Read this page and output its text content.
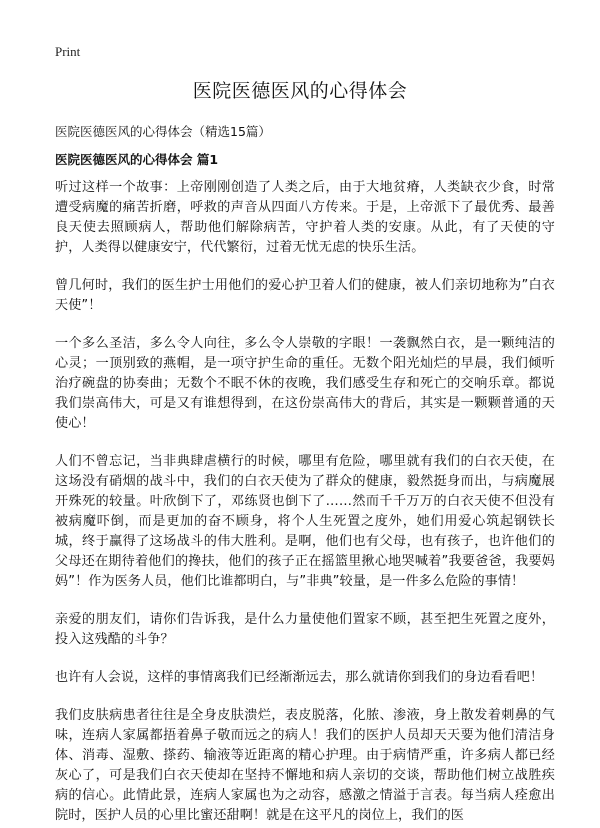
Print
医院医德医风的心得体会
医院医德医风的心得体会（精选15篇）
医院医德医风的心得体会 篇1

听过这样一个故事：上帝刚刚创造了人类之后，由于大地贫瘠，人类缺衣少食，时常遭受病魔的痛苦折磨，呼救的声音从四面八方传来。于是，上帝派下了最优秀、最善良天使去照顾病人，帮助他们解除病苦，守护着人类的安康。从此，有了天使的守护，人类得以健康安宁，代代繁衍，过着无忧无虑的快乐生活。

曾几何时，我们的医生护士用他们的爱心护卫着人们的健康，被人们亲切地称为”白衣天使”！

一个多么圣洁，多么令人向往，多么令人崇敬的字眼！一袭飘然白衣，是一颗纯洁的心灵；一顶别致的燕帽，是一项守护生命的重任。无数个阳光灿烂的早晨，我们倾听治疗碗盘的协奏曲；无数个不眠不休的夜晚，我们感受生存和死亡的交响乐章。都说我们崇高伟大，可是又有谁想得到，在这份崇高伟大的背后，其实是一颗颗普通的天使心！

人们不曾忘记，当非典肆虐横行的时候，哪里有危险，哪里就有我们的白衣天使，在这场没有硝烟的战斗中，我们的白衣天使为了群众的健康，毅然挺身而出，与病魔展开殊死的较量。叶欣倒下了，邓练贤也倒下了……然而千千万万的白衣天使不但没有被病魔吓倒，而是更加的奋不顾身，将个人生死置之度外，她们用爱心筑起钢铁长城，终于赢得了这场战斗的伟大胜利。是啊，他们也有父母，也有孩子，也许他们的父母还在期待着他们的搀扶，他们的孩子正在摇篮里揪心地哭喊着”我要爸爸，我要妈妈”！作为医务人员，他们比谁都明白，与”非典”较量，是一件多么危险的事情！

亲爱的朋友们，请你们告诉我，是什么力量使他们置家不顾，甚至把生死置之度外，投入这残酷的斗争？

也许有人会说，这样的事情离我们已经渐渐远去，那么就请你到我们的身边看看吧！

我们皮肤病患者往往是全身皮肤溃烂，表皮脱落，化脓、渗液，身上散发着刺鼻的气味，连病人家属都捂着鼻子敬而远之的病人！我们的医护人员却天天要为他们清洁身体、消毒、湿敷、搽药、输液等近距离的精心护理。由于病情严重，许多病人都已经灰心了，可是我们白衣天使却在坚持不懈地和病人亲切的交谈，帮助他们树立战胜疾病的信心。此情此景，连病人家属也为之动容，感激之情溢于言表。每当病人痊愈出院时，医护人员的心里比蜜还甜啊！就是在这平凡的岗位上，我们的医
